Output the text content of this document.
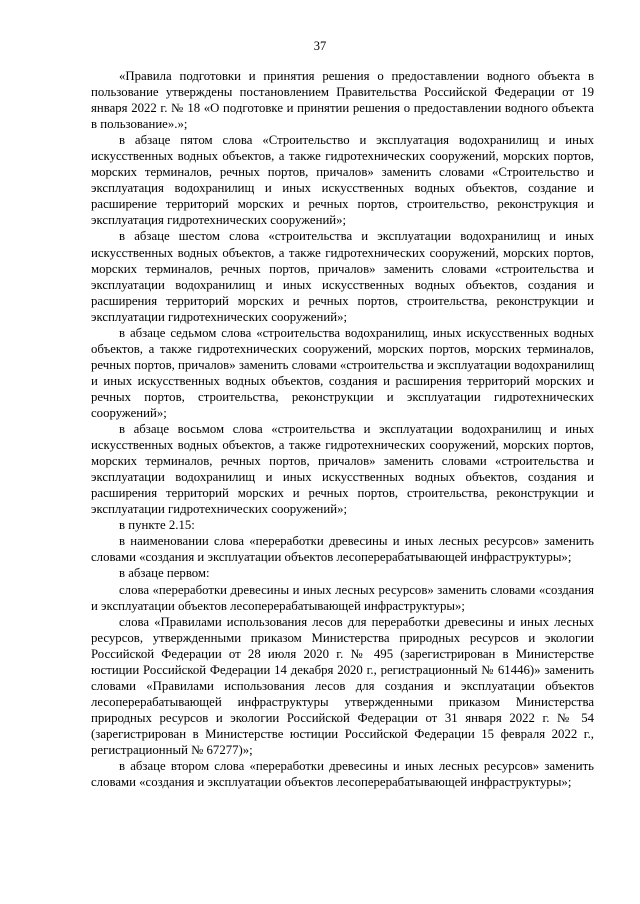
37

«Правила подготовки и принятия решения о предоставлении водного объекта в пользование утверждены постановлением Правительства Российской Федерации от 19 января 2022 г. № 18 «О подготовке и принятии решения о предоставлении водного объекта в пользование».»;

в абзаце пятом слова «Строительство и эксплуатация водохранилищ и иных искусственных водных объектов, а также гидротехнических сооружений, морских портов, морских терминалов, речных портов, причалов» заменить словами «Строительство и эксплуатация водохранилищ и иных искусственных водных объектов, создание и расширение территорий морских и речных портов, строительство, реконструкция и эксплуатация гидротехнических сооружений»;

в абзаце шестом слова «строительства и эксплуатации водохранилищ и иных искусственных водных объектов, а также гидротехнических сооружений, морских портов, морских терминалов, речных портов, причалов» заменить словами «строительства и эксплуатации водохранилищ и иных искусственных водных объектов, создания и расширения территорий морских и речных портов, строительства, реконструкции и эксплуатации гидротехнических сооружений»;

в абзаце седьмом слова «строительства водохранилищ, иных искусственных водных объектов, а также гидротехнических сооружений, морских портов, морских терминалов, речных портов, причалов» заменить словами «строительства и эксплуатации водохранилищ и иных искусственных водных объектов, создания и расширения территорий морских и речных портов, строительства, реконструкции и эксплуатации гидротехнических сооружений»;

в абзаце восьмом слова «строительства и эксплуатации водохранилищ и иных искусственных водных объектов, а также гидротехнических сооружений, морских портов, морских терминалов, речных портов, причалов» заменить словами «строительства и эксплуатации водохранилищ и иных искусственных водных объектов, создания и расширения территорий морских и речных портов, строительства, реконструкции и эксплуатации гидротехнических сооружений»;

в пункте 2.15:

в наименовании слова «переработки древесины и иных лесных ресурсов» заменить словами «создания и эксплуатации объектов лесоперерабатывающей инфраструктуры»;

в абзаце первом:

слова «переработки древесины и иных лесных ресурсов» заменить словами «создания и эксплуатации объектов лесоперерабатывающей инфраструктуры»;

слова «Правилами использования лесов для переработки древесины и иных лесных ресурсов, утвержденными приказом Министерства природных ресурсов и экологии Российской Федерации от 28 июля 2020 г. № 495 (зарегистрирован в Министерстве юстиции Российской Федерации 14 декабря 2020 г., регистрационный № 61446)» заменить словами «Правилами использования лесов для создания и эксплуатации объектов лесоперерабатывающей инфраструктуры утвержденными приказом Министерства природных ресурсов и экологии Российской Федерации от 31 января 2022 г. № 54 (зарегистрирован в Министерстве юстиции Российской Федерации 15 февраля 2022 г., регистрационный № 67277)»;

в абзаце втором слова «переработки древесины и иных лесных ресурсов» заменить словами «создания и эксплуатации объектов лесоперерабатывающей инфраструктуры»;
